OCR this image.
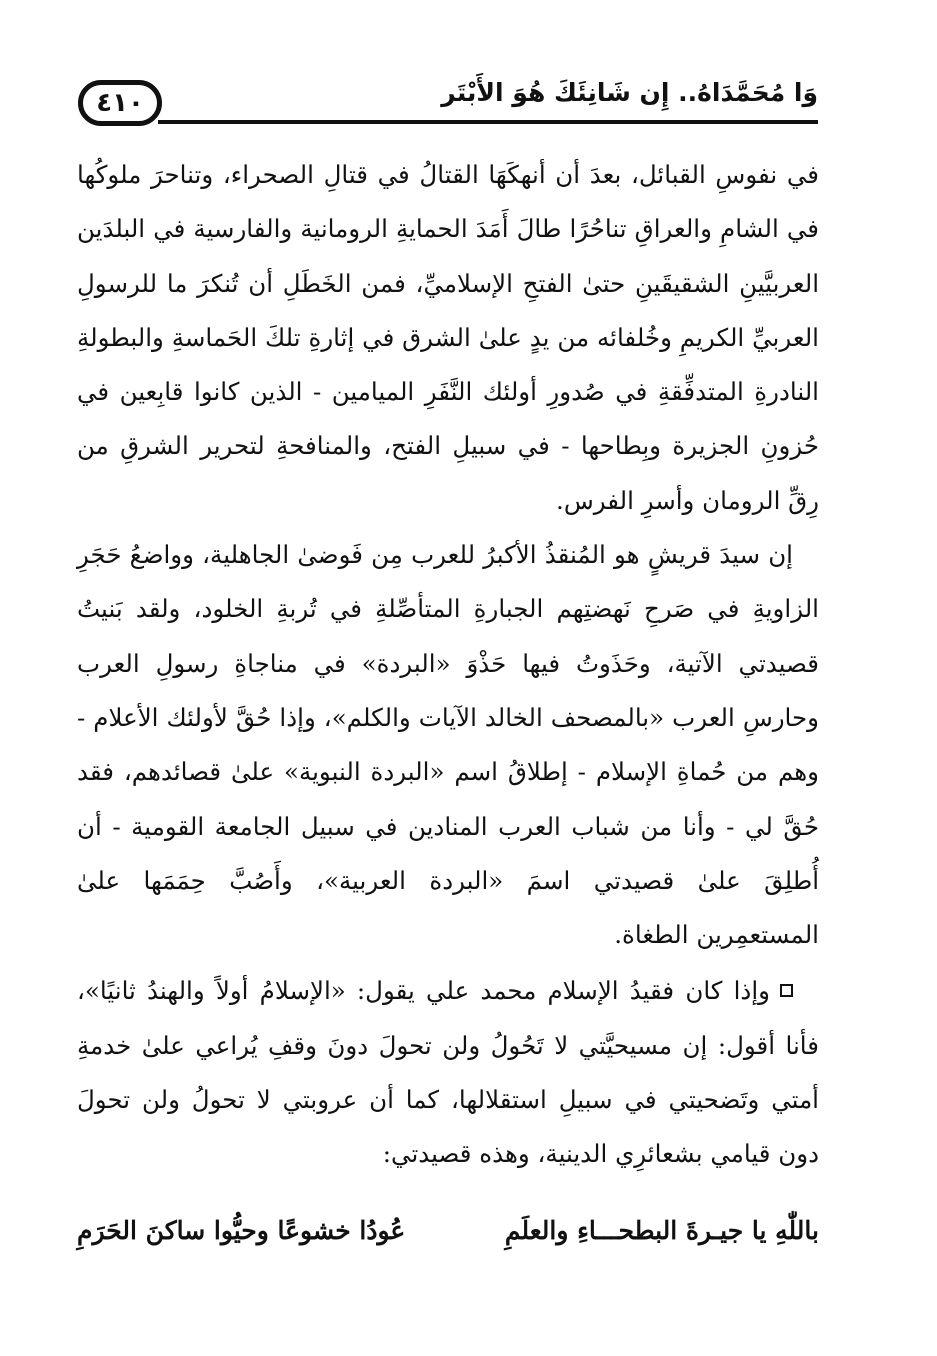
٤١٠	وَا مُحَمَّدَاهُ.. إِن شَانِئَكَ هُوَ الأَبْتَر

في نفوسِ القبائل، بعدَ أن أنهكَهَا القتالُ في قتالِ الصحراء، وتناحرَ ملوكُها في الشامِ والعراقِ تناحُرًا طالَ أَمَدَ الحمايةِ الرومانية والفارسية في البلدَين العربيَّينِ الشقيقَينِ حتىٰ الفتحِ الإسلاميِّ، فمن الخَطَلِ أن تُنكرَ ما للرسولِ العربيِّ الكريمِ وخُلفائه من يدٍ علىٰ الشرق في إثارةِ تلكَ الحَماسةِ والبطولةِ النادرةِ المتدفِّقةِ في صُدورِ أولئك النَّفَرِ الميامين - الذين كانوا قابِعين في حُزونِ الجزيرة وبِطاحها - في سبيلِ الفتح، والمنافحةِ لتحرير الشرقِ من رِقِّ الرومان وأسرِ الفرس.

إن سيدَ قريشٍ هو المُنقذُ الأكبرُ للعرب مِن فَوضىٰ الجاهلية، وواضعُ حَجَرِ الزاويةِ في صَرحِ نَهضتِهم الجبارةِ المتأصِّلةِ في تُربةِ الخلود، ولقد بَنيتُ قصيدتي الآتية، وحَذَوتُ فيها حَذْوَ «البردة» في مناجاةِ رسولِ العرب وحارسِ العرب «بالمصحف الخالد الآيات والكلم»، وإذا حُقَّ لأولئك الأعلام - وهم من حُماةِ الإسلام - إطلاقُ اسم «البردة النبوية» علىٰ قصائدهم، فقد حُقَّ لي - وأنا من شباب العرب المنادين في سبيل الجامعة القومية - أن أُطلِقَ علىٰ قصيدتي اسمَ «البردة العربية»، وأَصُبَّ حِمَمَها علىٰ المستعمِرين الطغاة.

وإذا كان فقيدُ الإسلام محمد علي يقول: «الإسلامُ أولاً والهندُ ثانيًا»، فأنا أقول: إن مسيحيَّتي لا تَحُولُ ولن تحولَ دونَ وقفِ يُراعي علىٰ خدمةِ أمتي وتَضحيتي في سبيلِ استقلالها، كما أن عروبتي لا تحولُ ولن تحولَ دون قيامي بشعائرِي الدينية، وهذه قصيدتي:

باللّٰهِ يا جيـرةَ البطحـــاءِ والعلَمِ
عُودُا خشوعًا وحيُّوا ساكنَ الحَرَمِ
